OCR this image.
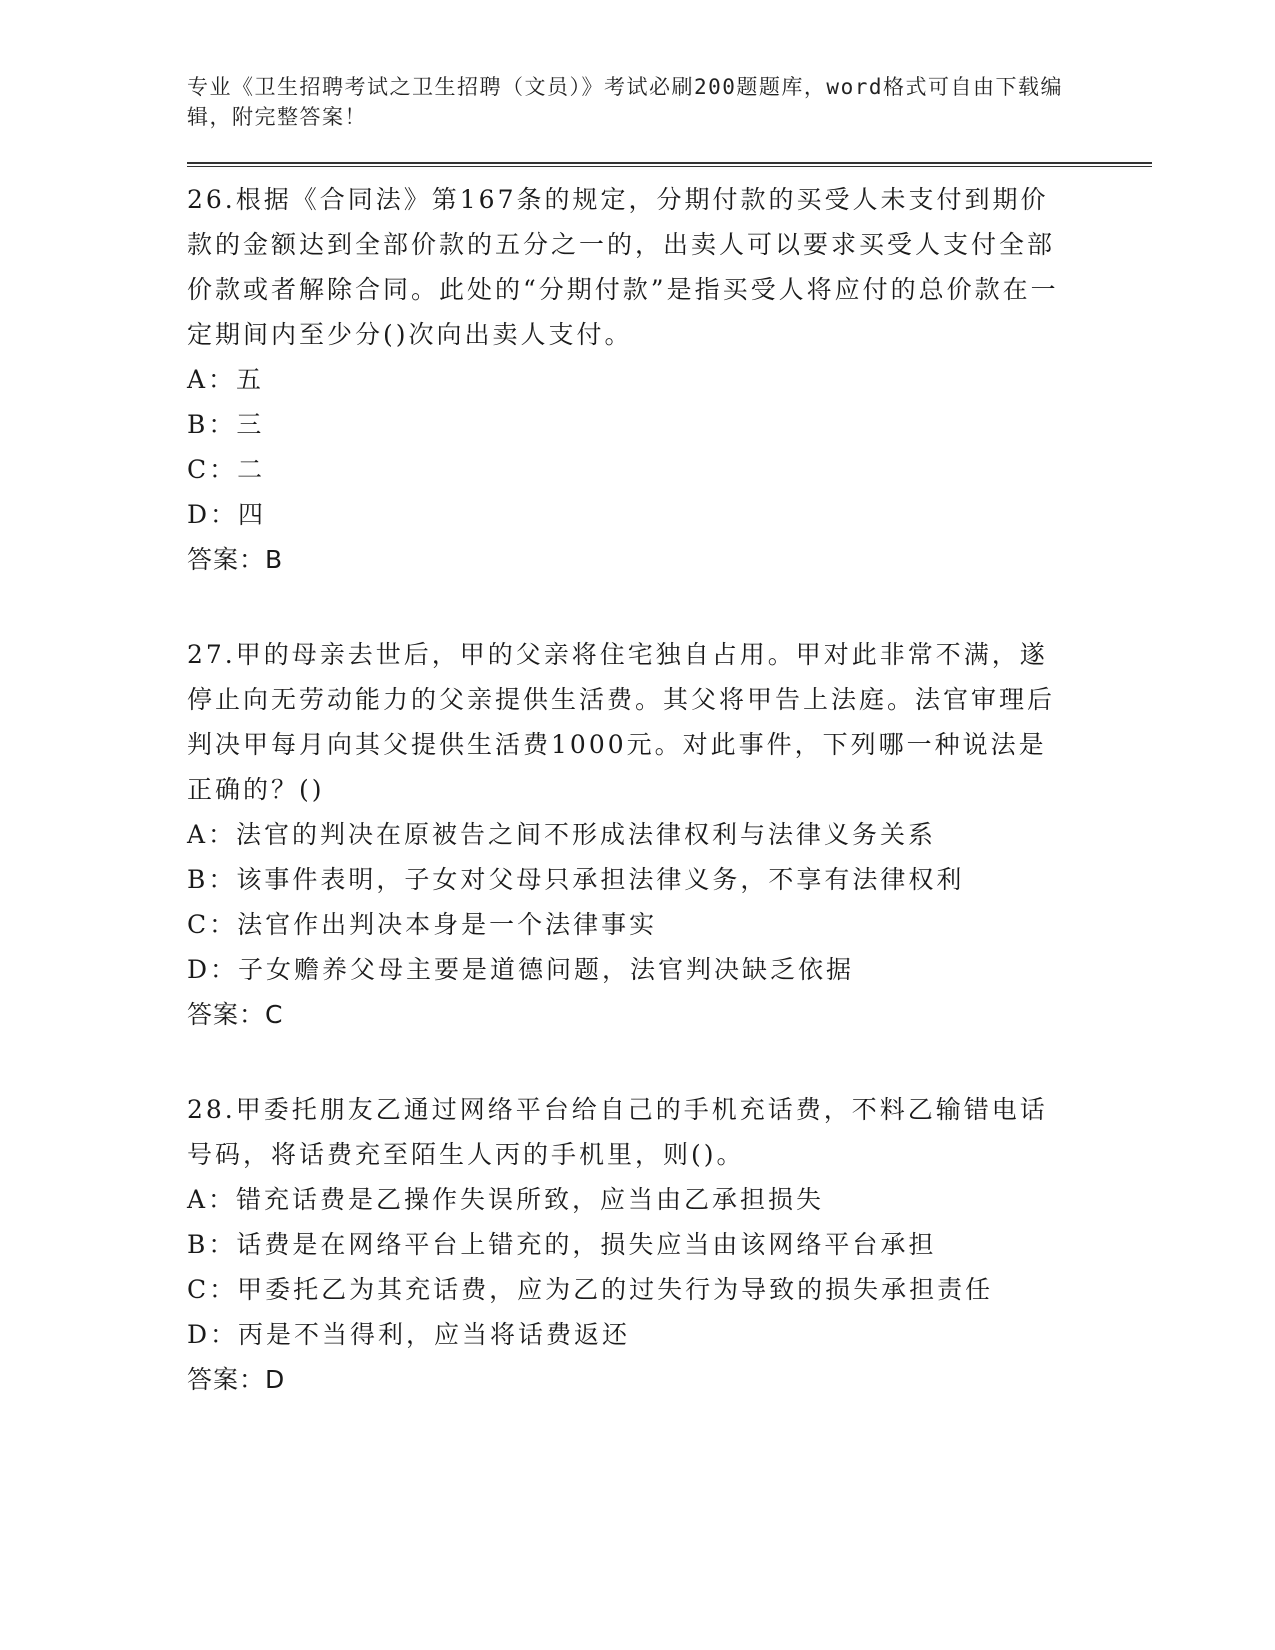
专业《卫生招聘考试之卫生招聘（文员）》考试必刷200题题库，word格式可自由下载编辑，附完整答案！

26.根据《合同法》第167条的规定，分期付款的买受人未支付到期价款的金额达到全部价款的五分之一的，出卖人可以要求买受人支付全部价款或者解除合同。此处的“分期付款”是指买受人将应付的总价款在一定期间内至少分()次向出卖人支付。

A：五

B：三

C：二

D：四

答案：B

27.甲的母亲去世后，甲的父亲将住宅独自占用。甲对此非常不满，遂停止向无劳动能力的父亲提供生活费。其父将甲告上法庭。法官审理后判决甲每月向其父提供生活费1000元。对此事件，下列哪一种说法是正确的？()

A：法官的判决在原被告之间不形成法律权利与法律义务关系

B：该事件表明，子女对父母只承担法律义务，不享有法律权利

C：法官作出判决本身是一个法律事实

D：子女赡养父母主要是道德问题，法官判决缺乏依据

答案：C

28.甲委托朋友乙通过网络平台给自己的手机充话费，不料乙输错电话号码，将话费充至陌生人丙的手机里，则()。

A：错充话费是乙操作失误所致，应当由乙承担损失

B：话费是在网络平台上错充的，损失应当由该网络平台承担

C：甲委托乙为其充话费，应为乙的过失行为导致的损失承担责任

D：丙是不当得利，应当将话费返还

答案：D
